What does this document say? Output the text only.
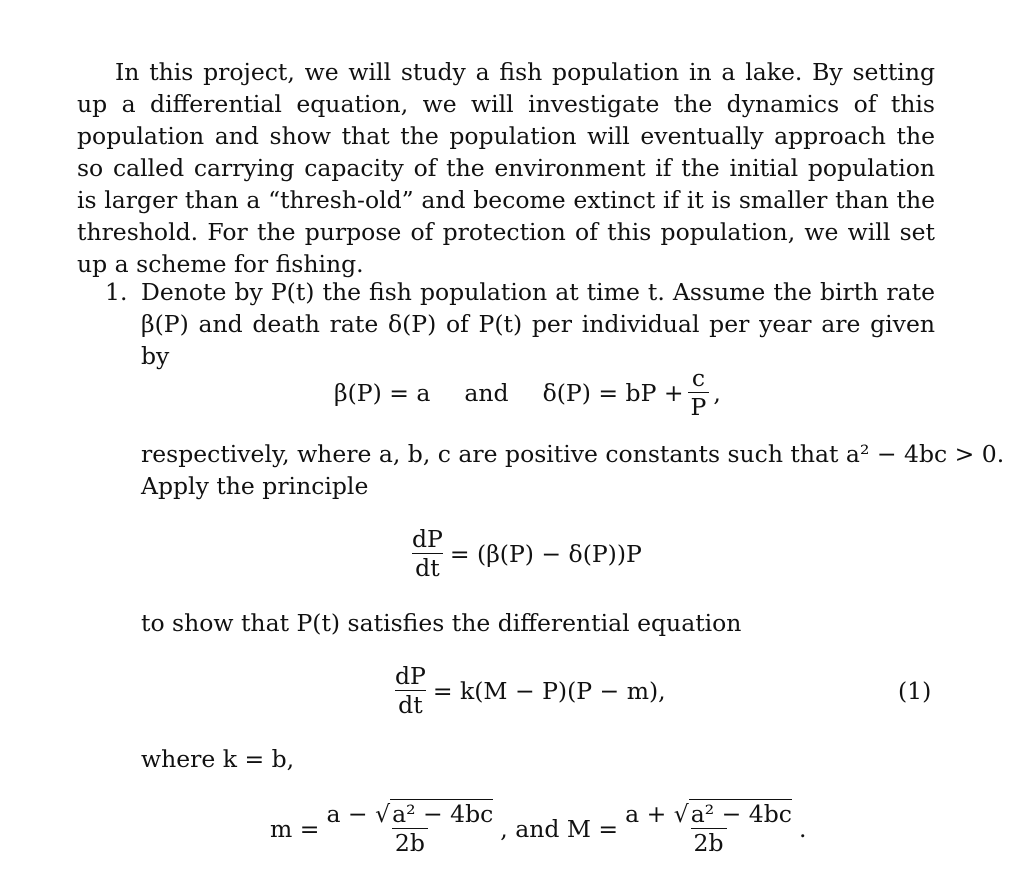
In this project, we will study a fish population in a lake. By setting up a differential equation, we will investigate the dynamics of this population and show that the population will eventually approach the so called carrying capacity of the environment if the initial population is larger than a “thresh-old” and become extinct if it is smaller than the threshold. For the purpose of protection of this population, we will set up a scheme for fishing.

1. Denote by P(t) the fish population at time t. Assume the birth rate β(P) and death rate δ(P) of P(t) per individual per year are given by

β(P) = a and δ(P) = bP + $\frac{c}{P}$ ,
respectively, where a, b, c are positive constants such that a² − 4bc > 0.
Apply the principle
$\frac{dP}{dt} = (\beta(P) - \delta(P))P$
to show that P(t) satisfies the differential equation
$\frac{dP}{dt} = k(M - P)(P - m)$,	(1)
where k = b,
$m = \frac{\text{a − √a² − 4bc}}{2b}$ , and $M = \frac{\text{a + √a² − 4bc}}{2b}$ .
